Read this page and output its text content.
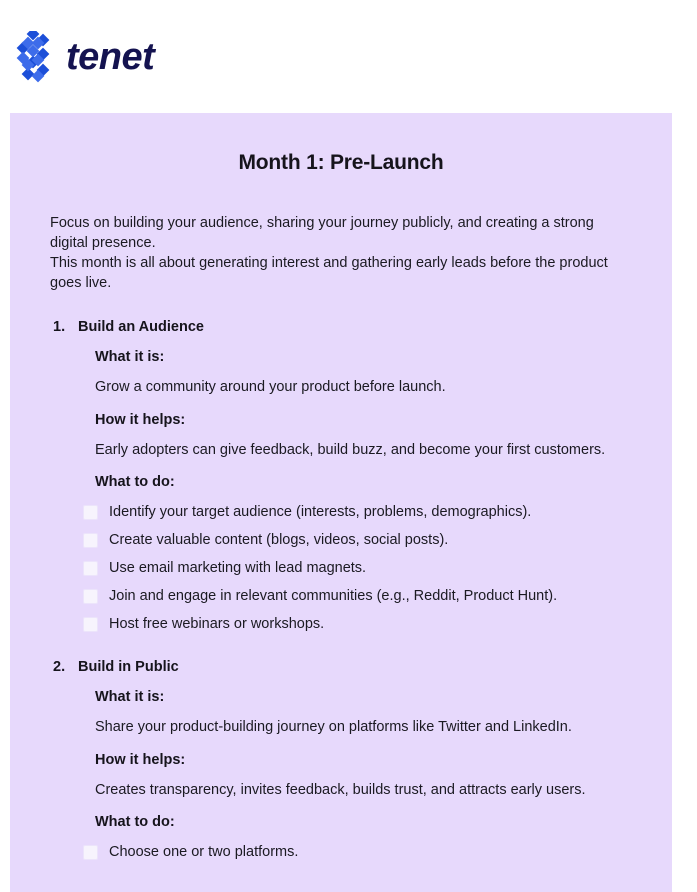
tenet
Month 1: Pre-Launch

Focus on building your audience, sharing your journey publicly, and creating a strong digital presence.

This month is all about generating interest and gathering early leads before the product goes live.

1. Build an Audience

What it is:

Grow a community around your product before launch.

How it helps:

Early adopters can give feedback, build buzz, and become your first customers.

What to do:

Identify your target audience (interests, problems, demographics).
Create valuable content (blogs, videos, social posts).
Use email marketing with lead magnets.
Join and engage in relevant communities (e.g., Reddit, Product Hunt).
Host free webinars or workshops.
2. Build in Public

What it is:

Share your product-building journey on platforms like Twitter and LinkedIn.

How it helps:

Creates transparency, invites feedback, builds trust, and attracts early users.

What to do:

Choose one or two platforms.
